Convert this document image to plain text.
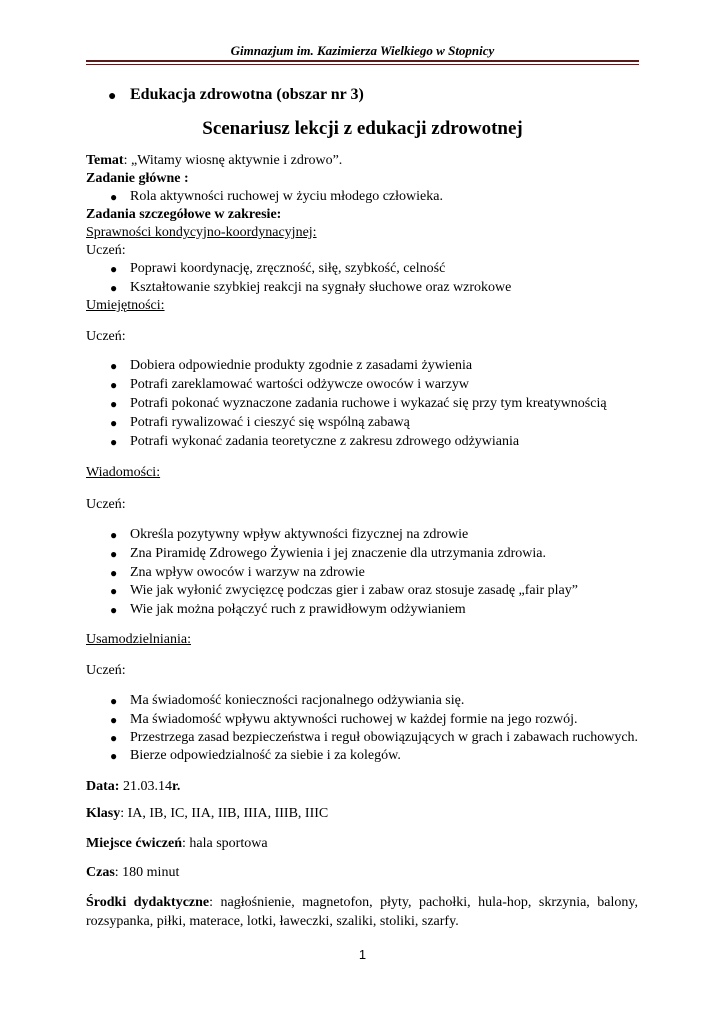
Gimnazjum im. Kazimierza Wielkiego w Stopnicy
● Edukacja zdrowotna (obszar nr 3)
Scenariusz lekcji z edukacji zdrowotnej
Temat: „Witamy wiosnę aktywnie i zdrowo”.
Zadanie główne :
● Rola aktywności ruchowej w życiu młodego człowieka.
Zadania szczegółowe w zakresie:
Sprawności kondycyjno-koordynacyjnej:
Uczeń:
● Poprawi koordynację, zręczność, siłę, szybkość, celność
● Kształtowanie szybkiej reakcji na sygnały słuchowe oraz wzrokowe
Umiejętności:
Uczeń:
● Dobiera odpowiednie produkty zgodnie z zasadami żywienia
● Potrafi zareklamować wartości odżywcze owoców i warzyw
● Potrafi pokonać wyznaczone zadania ruchowe i wykazać się przy tym kreatywnością
● Potrafi rywalizować i cieszyć się wspólną zabawą
● Potrafi wykonać zadania teoretyczne z zakresu zdrowego odżywiania
Wiadomości:
Uczeń:
● Określa pozytywny wpływ aktywności fizycznej na zdrowie
● Zna Piramidę Zdrowego Żywienia i jej znaczenie dla utrzymania zdrowia.
● Zna wpływ owoców i warzyw na zdrowie
● Wie jak wyłonić zwycięzcę podczas gier i zabaw oraz stosuje zasadę „fair play”
● Wie jak można połączyć ruch z prawidłowym odżywianiem
Usamodzielniania:
Uczeń:
● Ma świadomość konieczności racjonalnego odżywiania się.
● Ma świadomość wpływu aktywności ruchowej w każdej formie na jego rozwój.
● Przestrzega zasad bezpieczeństwa i reguł obowiązujących w grach i zabawach ruchowych.
● Bierze odpowiedzialność za siebie i za kolegów.
Data: 21.03.14r.
Klasy: IA, IB, IC, IIA, IIB, IIIA, IIIB, IIIC
Miejsce ćwiczeń: hala sportowa
Czas: 180 minut
Środki dydaktyczne: nagłośnienie, magnetofon, płyty, pachołki, hula-hop, skrzynia, balony, rozsypanka, piłki, materace, lotki, ławeczki, szaliki, stoliki, szarfy.
1
